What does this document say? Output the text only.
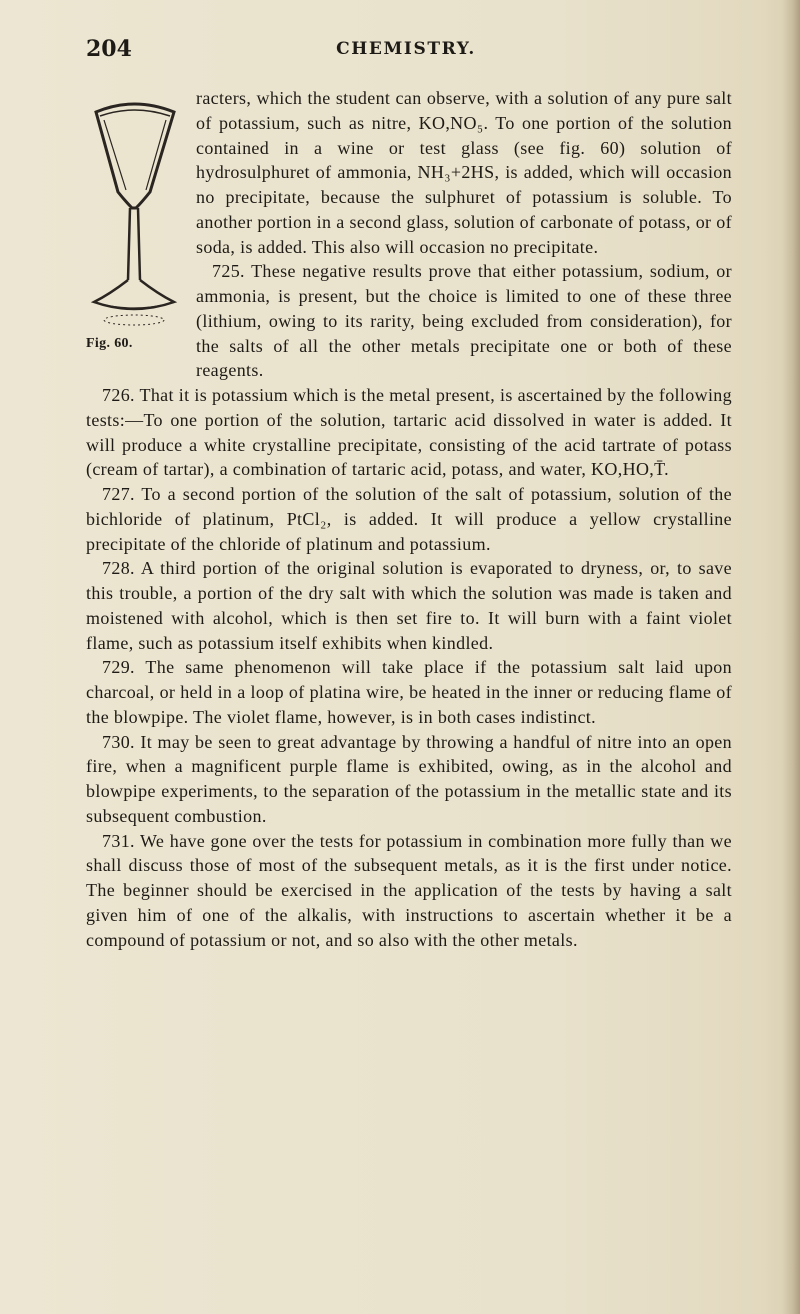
204	CHEMISTRY.
Fig. 60.

racters, which the student can observe, with a solution of any pure salt of potassium, such as nitre, KO,NO₅. To one portion of the solution contained in a wine or test glass (see fig. 60) solution of hydrosulphuret of ammonia, NH₃+2HS, is added, which will occasion no precipitate, because the sulphuret of potassium is soluble. To another portion in a second glass, solution of carbonate of potass, or of soda, is added. This also will occasion no precipitate.

725. These negative results prove that either potassium, sodium, or ammonia, is present, but the choice is limited to one of these three (lithium, owing to its rarity, being excluded from consideration), for the salts of all the other metals precipitate one or both of these reagents.

726. That it is potassium which is the metal present, is ascertained by the following tests:—To one portion of the solution, tartaric acid dissolved in water is added. It will produce a white crystalline precipitate, consisting of the acid tartrate of potass (cream of tartar), a combination of tartaric acid, potass, and water, KO,HO,T̄.

727. To a second portion of the solution of the salt of potassium, solution of the bichloride of platinum, PtCl₂, is added. It will produce a yellow crystalline precipitate of the chloride of platinum and potassium.

728. A third portion of the original solution is evaporated to dryness, or, to save this trouble, a portion of the dry salt with which the solution was made is taken and moistened with alcohol, which is then set fire to. It will burn with a faint violet flame, such as potassium itself exhibits when kindled.

729. The same phenomenon will take place if the potassium salt laid upon charcoal, or held in a loop of platina wire, be heated in the inner or reducing flame of the blowpipe. The violet flame, however, is in both cases indistinct.

730. It may be seen to great advantage by throwing a handful of nitre into an open fire, when a magnificent purple flame is exhibited, owing, as in the alcohol and blowpipe experiments, to the separation of the potassium in the metallic state and its subsequent combustion.

731. We have gone over the tests for potassium in combination more fully than we shall discuss those of most of the subsequent metals, as it is the first under notice. The beginner should be exercised in the application of the tests by having a salt given him of one of the alkalis, with instructions to ascertain whether it be a compound of potassium or not, and so also with the other metals.
